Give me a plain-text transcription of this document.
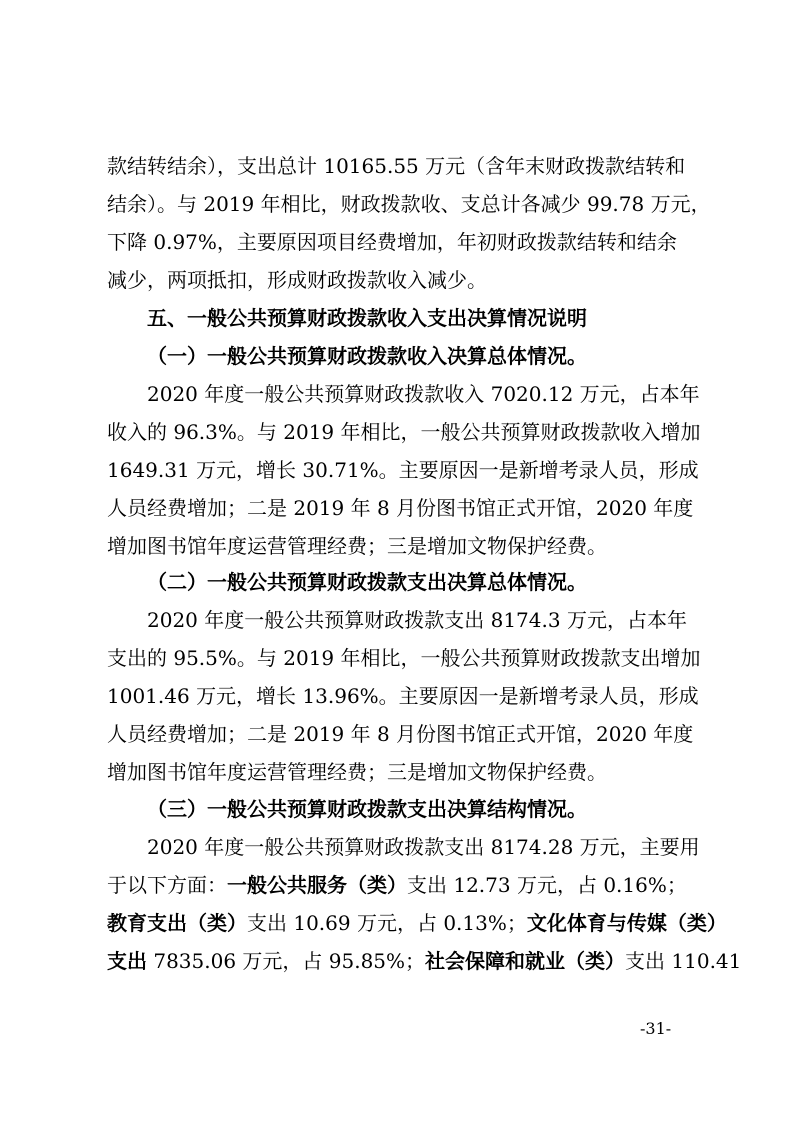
款结转结余），支出总计 10165.55 万元（含年末财政拨款结转和
结余）。与 2019 年相比，财政拨款收、支总计各减少 99.78 万元，
下降 0.97%，主要原因项目经费增加，年初财政拨款结转和结余
减少，两项抵扣，形成财政拨款收入减少。
五、一般公共预算财政拨款收入支出决算情况说明
（一）一般公共预算财政拨款收入决算总体情况。
2020 年度一般公共预算财政拨款收入 7020.12 万元，占本年
收入的 96.3%。与 2019 年相比，一般公共预算财政拨款收入增加
1649.31 万元，增长 30.71%。主要原因一是新增考录人员，形成
人员经费增加；二是 2019 年 8 月份图书馆正式开馆，2020 年度
增加图书馆年度运营管理经费；三是增加文物保护经费。
（二）一般公共预算财政拨款支出决算总体情况。
2020 年度一般公共预算财政拨款支出 8174.3 万元，占本年
支出的 95.5%。与 2019 年相比，一般公共预算财政拨款支出增加
1001.46 万元，增长 13.96%。主要原因一是新增考录人员，形成
人员经费增加；二是 2019 年 8 月份图书馆正式开馆，2020 年度
增加图书馆年度运营管理经费；三是增加文物保护经费。
（三）一般公共预算财政拨款支出决算结构情况。
2020 年度一般公共预算财政拨款支出 8174.28 万元，主要用
于以下方面：一般公共服务（类）支出 12.73 万元，占 0.16%；
教育支出（类）支出 10.69 万元，占 0.13%；文化体育与传媒（类）
支出 7835.06 万元，占 95.85%；社会保障和就业（类）支出 110.41
-31-
